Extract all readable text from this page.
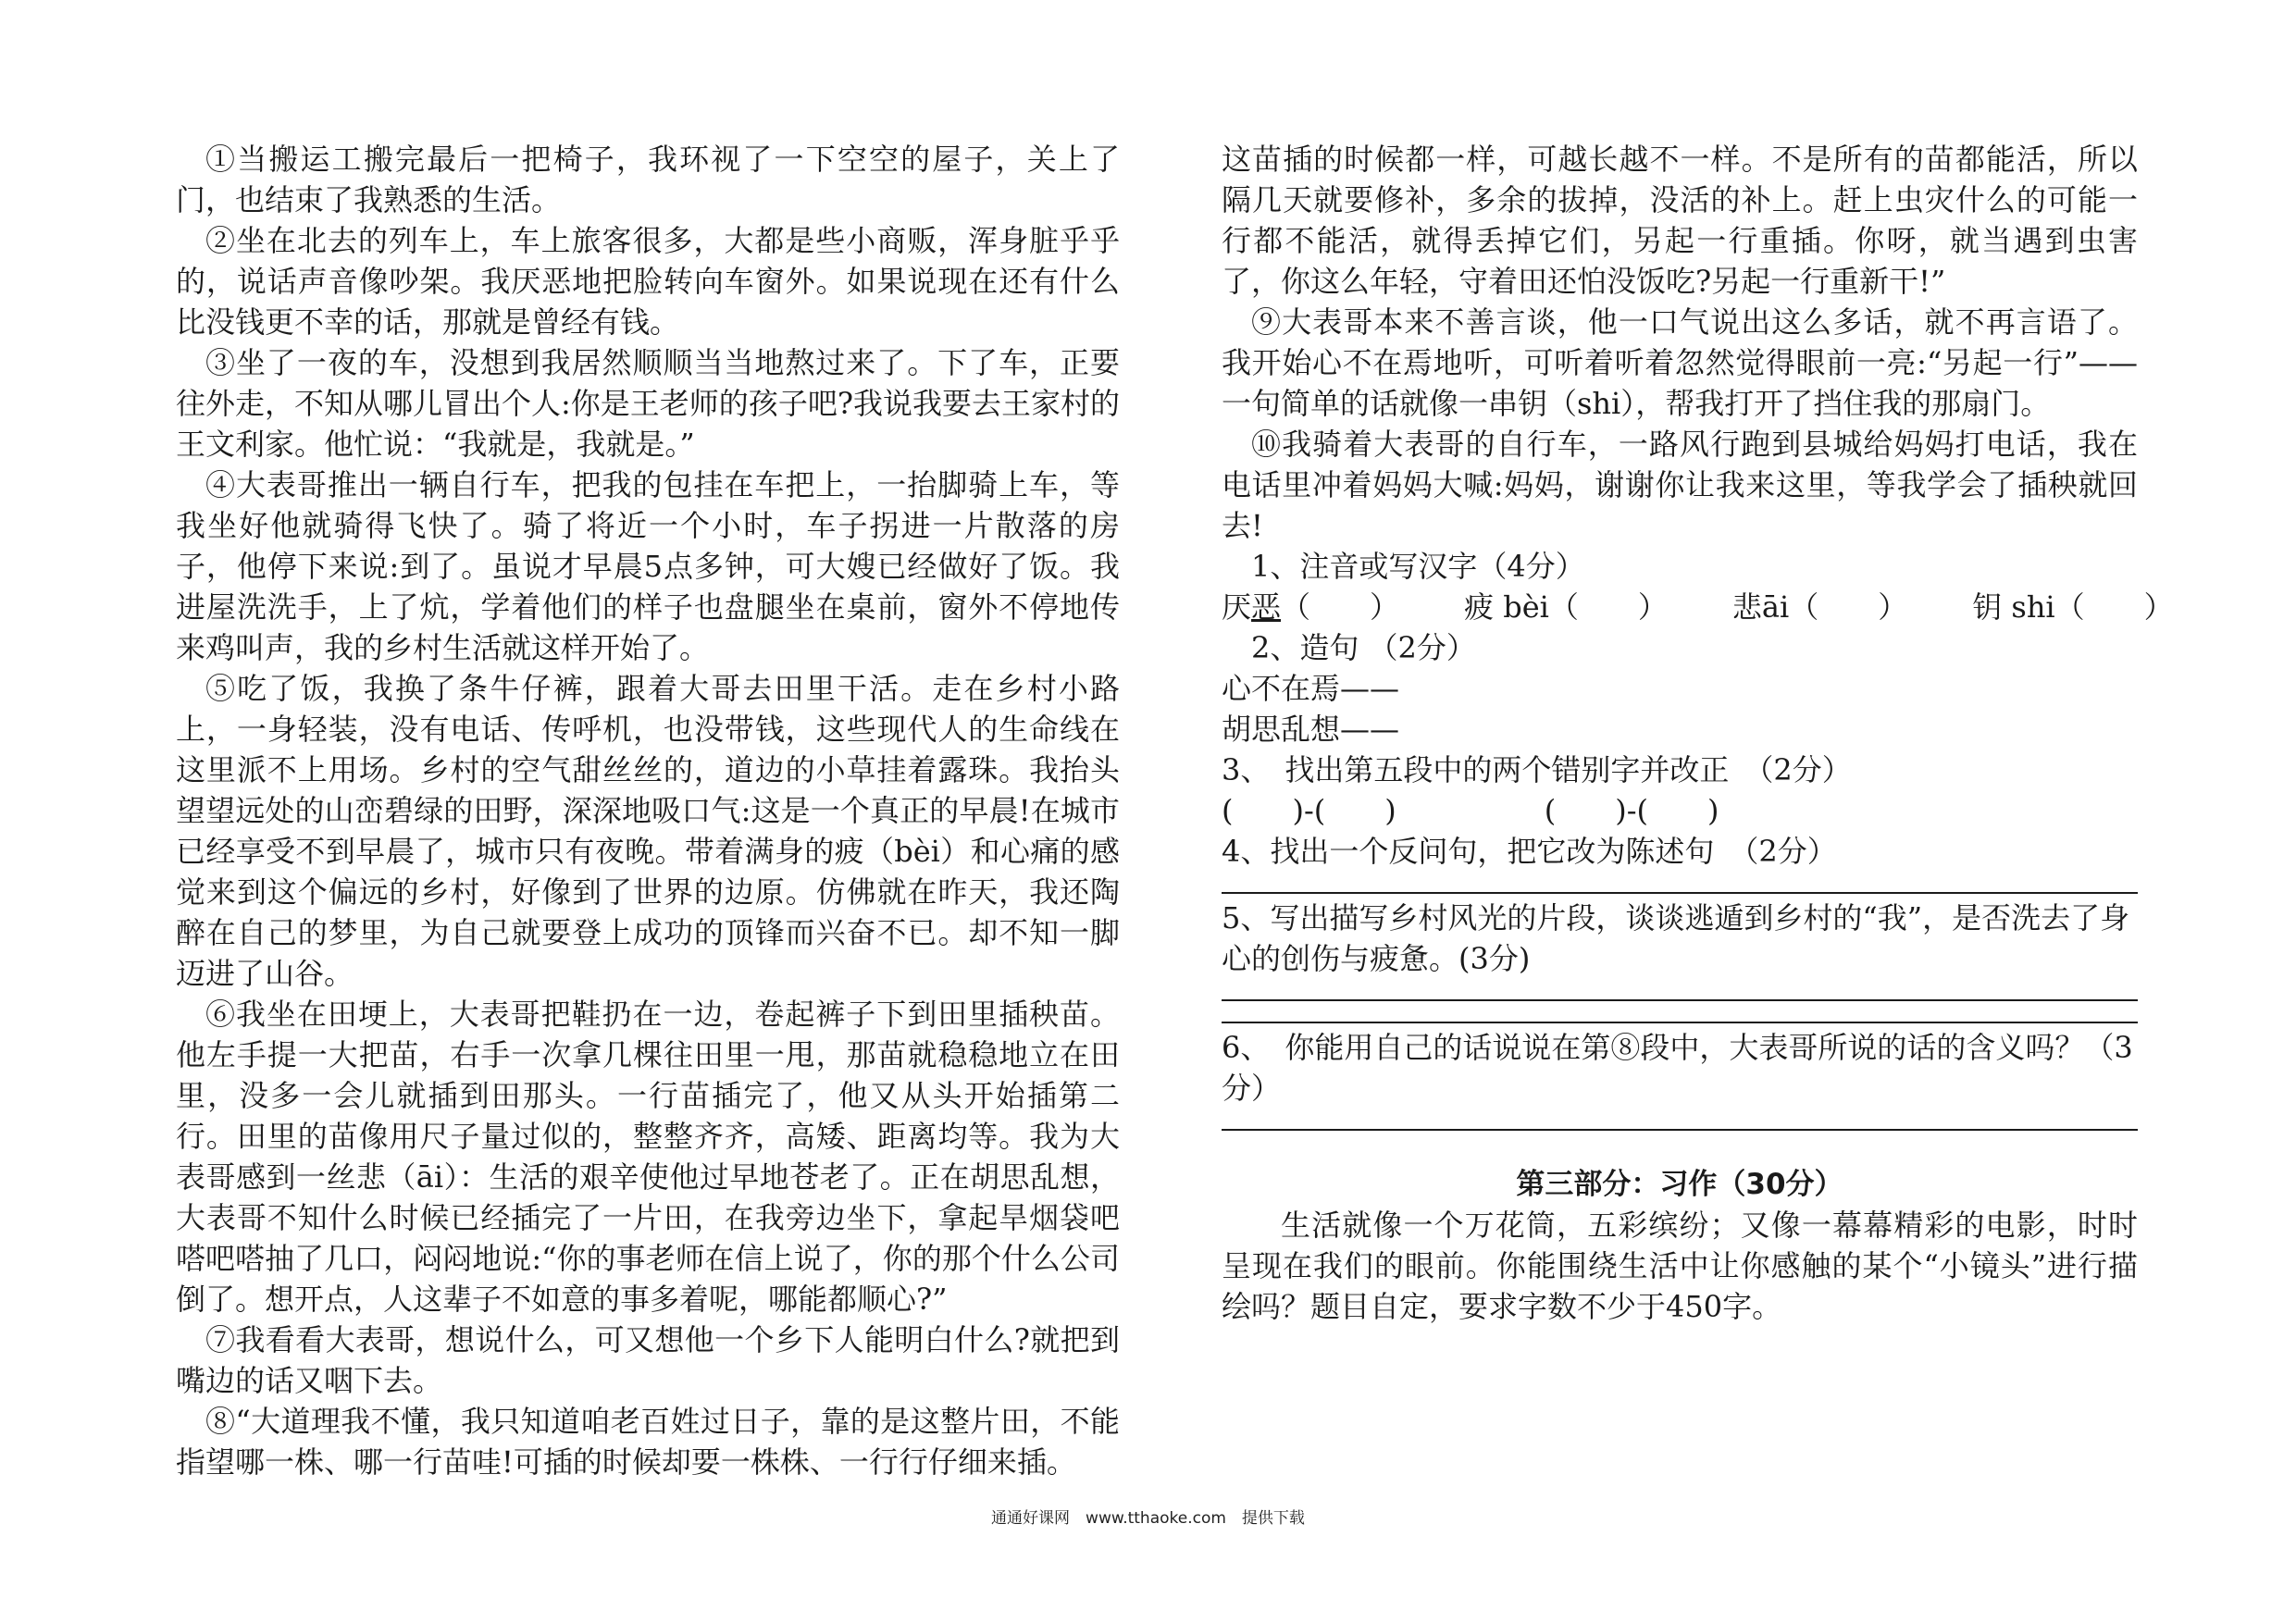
①当搬运工搬完最后一把椅子，我环视了一下空空的屋子，关上了门，也结束了我熟悉的生活。

②坐在北去的列车上，车上旅客很多，大都是些小商贩，浑身脏乎乎的，说话声音像吵架。我厌恶地把脸转向车窗外。如果说现在还有什么比没钱更不幸的话，那就是曾经有钱。

③坐了一夜的车，没想到我居然顺顺当当地熬过来了。下了车，正要往外走，不知从哪儿冒出个人:你是王老师的孩子吧?我说我要去王家村的王文利家。他忙说：“我就是，我就是。”

④大表哥推出一辆自行车，把我的包挂在车把上，一抬脚骑上车，等我坐好他就骑得飞快了。骑了将近一个小时，车子拐进一片散落的房子，他停下来说:到了。虽说才早晨5点多钟，可大嫂已经做好了饭。我进屋洗洗手，上了炕，学着他们的样子也盘腿坐在桌前，窗外不停地传来鸡叫声，我的乡村生活就这样开始了。

⑤吃了饭，我换了条牛仔裤，跟着大哥去田里干活。走在乡村小路上，一身轻装，没有电话、传呼机，也没带钱，这些现代人的生命线在这里派不上用场。乡村的空气甜丝丝的，道边的小草挂着露珠。我抬头望望远处的山峦碧绿的田野，深深地吸口气:这是一个真正的早晨!在城市已经享受不到早晨了，城市只有夜晚。带着满身的疲（bèi）和心痛的感觉来到这个偏远的乡村，好像到了世界的边原。仿佛就在昨天，我还陶醉在自己的梦里，为自己就要登上成功的顶锋而兴奋不已。却不知一脚迈进了山谷。

⑥我坐在田埂上，大表哥把鞋扔在一边，卷起裤子下到田里插秧苗。他左手提一大把苗，右手一次拿几棵往田里一甩，那苗就稳稳地立在田里，没多一会儿就插到田那头。一行苗插完了，他又从头开始插第二行。田里的苗像用尺子量过似的，整整齐齐，高矮、距离均等。我为大表哥感到一丝悲（āi）：生活的艰辛使他过早地苍老了。正在胡思乱想，大表哥不知什么时候已经插完了一片田，在我旁边坐下，拿起旱烟袋吧嗒吧嗒抽了几口，闷闷地说:“你的事老师在信上说了，你的那个什么公司倒了。想开点，人这辈子不如意的事多着呢，哪能都顺心?”

⑦我看看大表哥，想说什么，可又想他一个乡下人能明白什么?就把到嘴边的话又咽下去。

⑧“大道理我不懂，我只知道咱老百姓过日子，靠的是这整片田，不能指望哪一株、哪一行苗哇!可插的时候却要一株株、一行行仔细来插。

这苗插的时候都一样，可越长越不一样。不是所有的苗都能活，所以隔几天就要修补，多余的拔掉，没活的补上。赶上虫灾什么的可能一行都不能活，就得丢掉它们，另起一行重插。你呀，就当遇到虫害了，你这么年轻，守着田还怕没饭吃?另起一行重新干!”

⑨大表哥本来不善言谈，他一口气说出这么多话，就不再言语了。我开始心不在焉地听，可听着听着忽然觉得眼前一亮:“另起一行”——一句简单的话就像一串钥（shi），帮我打开了挡住我的那扇门。

⑩我骑着大表哥的自行车，一路风行跑到县城给妈妈打电话，我在电话里冲着妈妈大喊:妈妈，谢谢你让我来这里，等我学会了插秧就回去!

1、注音或写汉字（4分）

厌恶（　　） 疲 bèi（　　） 悲āi（　　） 钥 shi（　　）

2、造句 （2分）

心不在焉——

胡思乱想——

3、　找出第五段中的两个错别字并改正　（2分）

(　　)-(　　)　　　　　(　　)-(　　)

4、找出一个反问句，把它改为陈述句　（2分）

5、写出描写乡村风光的片段，谈谈逃遁到乡村的“我”，是否洗去了身心的创伤与疲惫。(3分)

6、　你能用自己的话说说在第⑧段中，大表哥所说的话的含义吗？（3分）

第三部分：习作（30分）

生活就像一个万花筒，五彩缤纷；又像一幕幕精彩的电影，时时呈现在我们的眼前。你能围绕生活中让你感触的某个“小镜头”进行描绘吗？题目自定，要求字数不少于450字。

通通好课网　www.tthaoke.com　提供下载
